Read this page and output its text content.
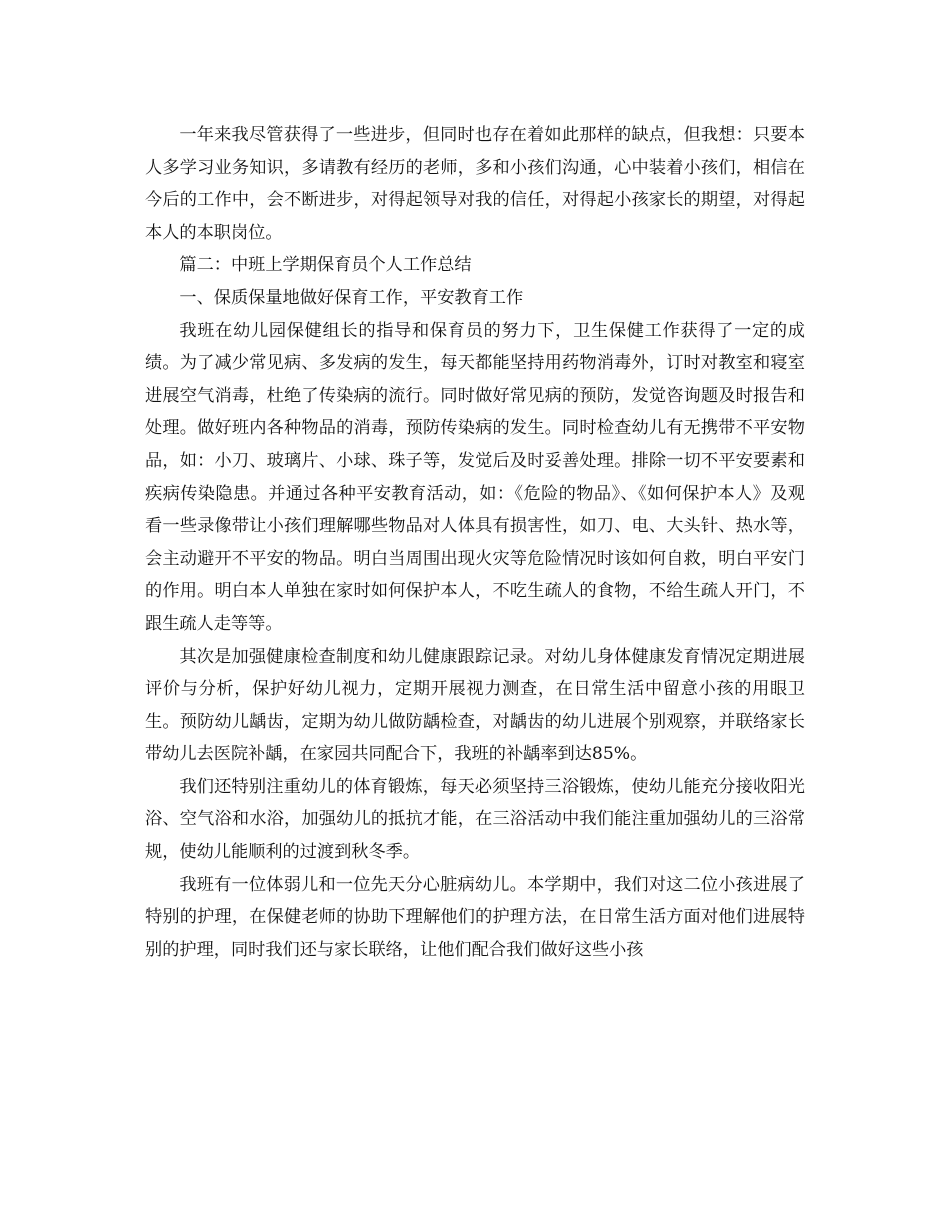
一年来我尽管获得了一些进步，但同时也存在着如此那样的缺点，但我想：只要本人多学习业务知识，多请教有经历的老师，多和小孩们沟通，心中装着小孩们，相信在今后的工作中，会不断进步，对得起领导对我的信任，对得起小孩家长的期望，对得起本人的本职岗位。

篇二：中班上学期保育员个人工作总结

一、保质保量地做好保育工作，平安教育工作

我班在幼儿园保健组长的指导和保育员的努力下，卫生保健工作获得了一定的成绩。为了减少常见病、多发病的发生，每天都能坚持用药物消毒外，订时对教室和寝室进展空气消毒，杜绝了传染病的流行。同时做好常见病的预防，发觉咨询题及时报告和处理。做好班内各种物品的消毒，预防传染病的发生。同时检查幼儿有无携带不平安物品，如：小刀、玻璃片、小球、珠子等，发觉后及时妥善处理。排除一切不平安要素和疾病传染隐患。并通过各种平安教育活动，如：《危险的物品》、《如何保护本人》及观看一些录像带让小孩们理解哪些物品对人体具有损害性，如刀、电、大头针、热水等，会主动避开不平安的物品。明白当周围出现火灾等危险情况时该如何自救，明白平安门的作用。明白本人单独在家时如何保护本人，不吃生疏人的食物，不给生疏人开门，不跟生疏人走等等。

其次是加强健康检查制度和幼儿健康跟踪记录。对幼儿身体健康发育情况定期进展评价与分析，保护好幼儿视力，定期开展视力测查，在日常生活中留意小孩的用眼卫生。预防幼儿龋齿，定期为幼儿做防龋检查，对龋齿的幼儿进展个别观察，并联络家长带幼儿去医院补龋，在家园共同配合下，我班的补龋率到达85%。

我们还特别注重幼儿的体育锻炼，每天必须坚持三浴锻炼，使幼儿能充分接收阳光浴、空气浴和水浴，加强幼儿的抵抗才能，在三浴活动中我们能注重加强幼儿的三浴常规，使幼儿能顺利的过渡到秋冬季。

我班有一位体弱儿和一位先天分心脏病幼儿。本学期中，我们对这二位小孩进展了特别的护理，在保健老师的协助下理解他们的护理方法，在日常生活方面对他们进展特别的护理，同时我们还与家长联络，让他们配合我们做好这些小孩
